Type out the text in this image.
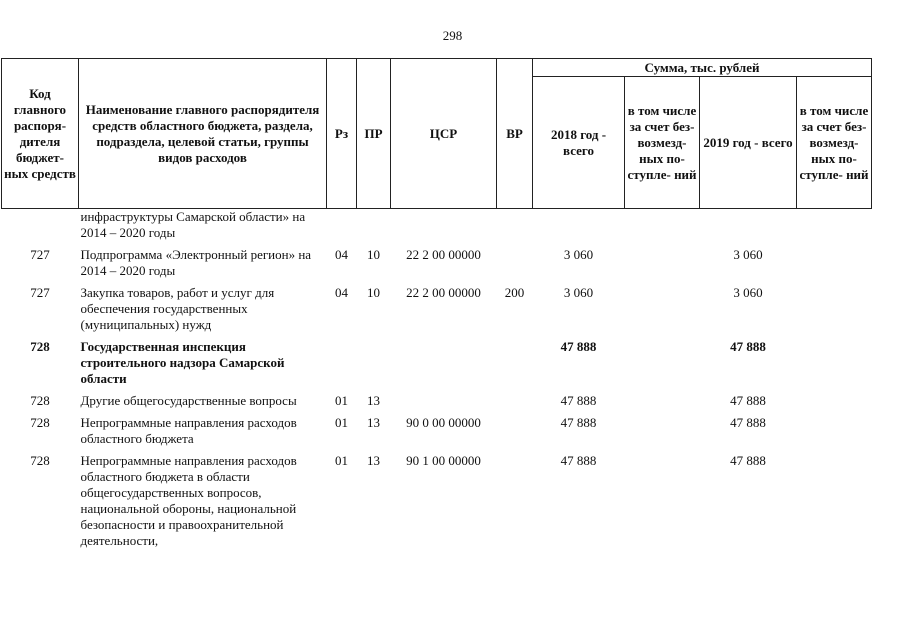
298
Код главного распоря- дителя бюджет- ных средств	Наименование главного распорядителя средств областного бюджета, раздела, подраздела, целевой статьи, группы видов расходов	Рз	ПР	ЦСР	ВР	Сумма, тыс. рублей			
						2018 год - всего	в том числе за счет без- возмезд- ных по- ступле- ний	2019 год - всего	в том числе за счет без- возмезд- ных по- ступле- ний
	инфраструктуры Самарской области» на 2014 – 2020 годы								
727	Подпрограмма «Электронный регион» на 2014 – 2020 годы	04	10	22 2 00 00000		3 060		3 060	
727	Закупка товаров, работ и услуг для обеспечения государственных (муниципальных) нужд	04	10	22 2 00 00000	200	3 060		3 060	
728	Государственная инспекция строительного надзора Самарской области					47 888		47 888	
728	Другие общегосударственные вопросы	01	13			47 888		47 888	
728	Непрограммные направления расходов областного бюджета	01	13	90 0 00 00000		47 888		47 888	
728	Непрограммные направления расходов областного бюджета в области общегосударственных вопросов, национальной обороны, национальной безопасности и правоохранительной деятельности,	01	13	90 1 00 00000		47 888		47 888	
